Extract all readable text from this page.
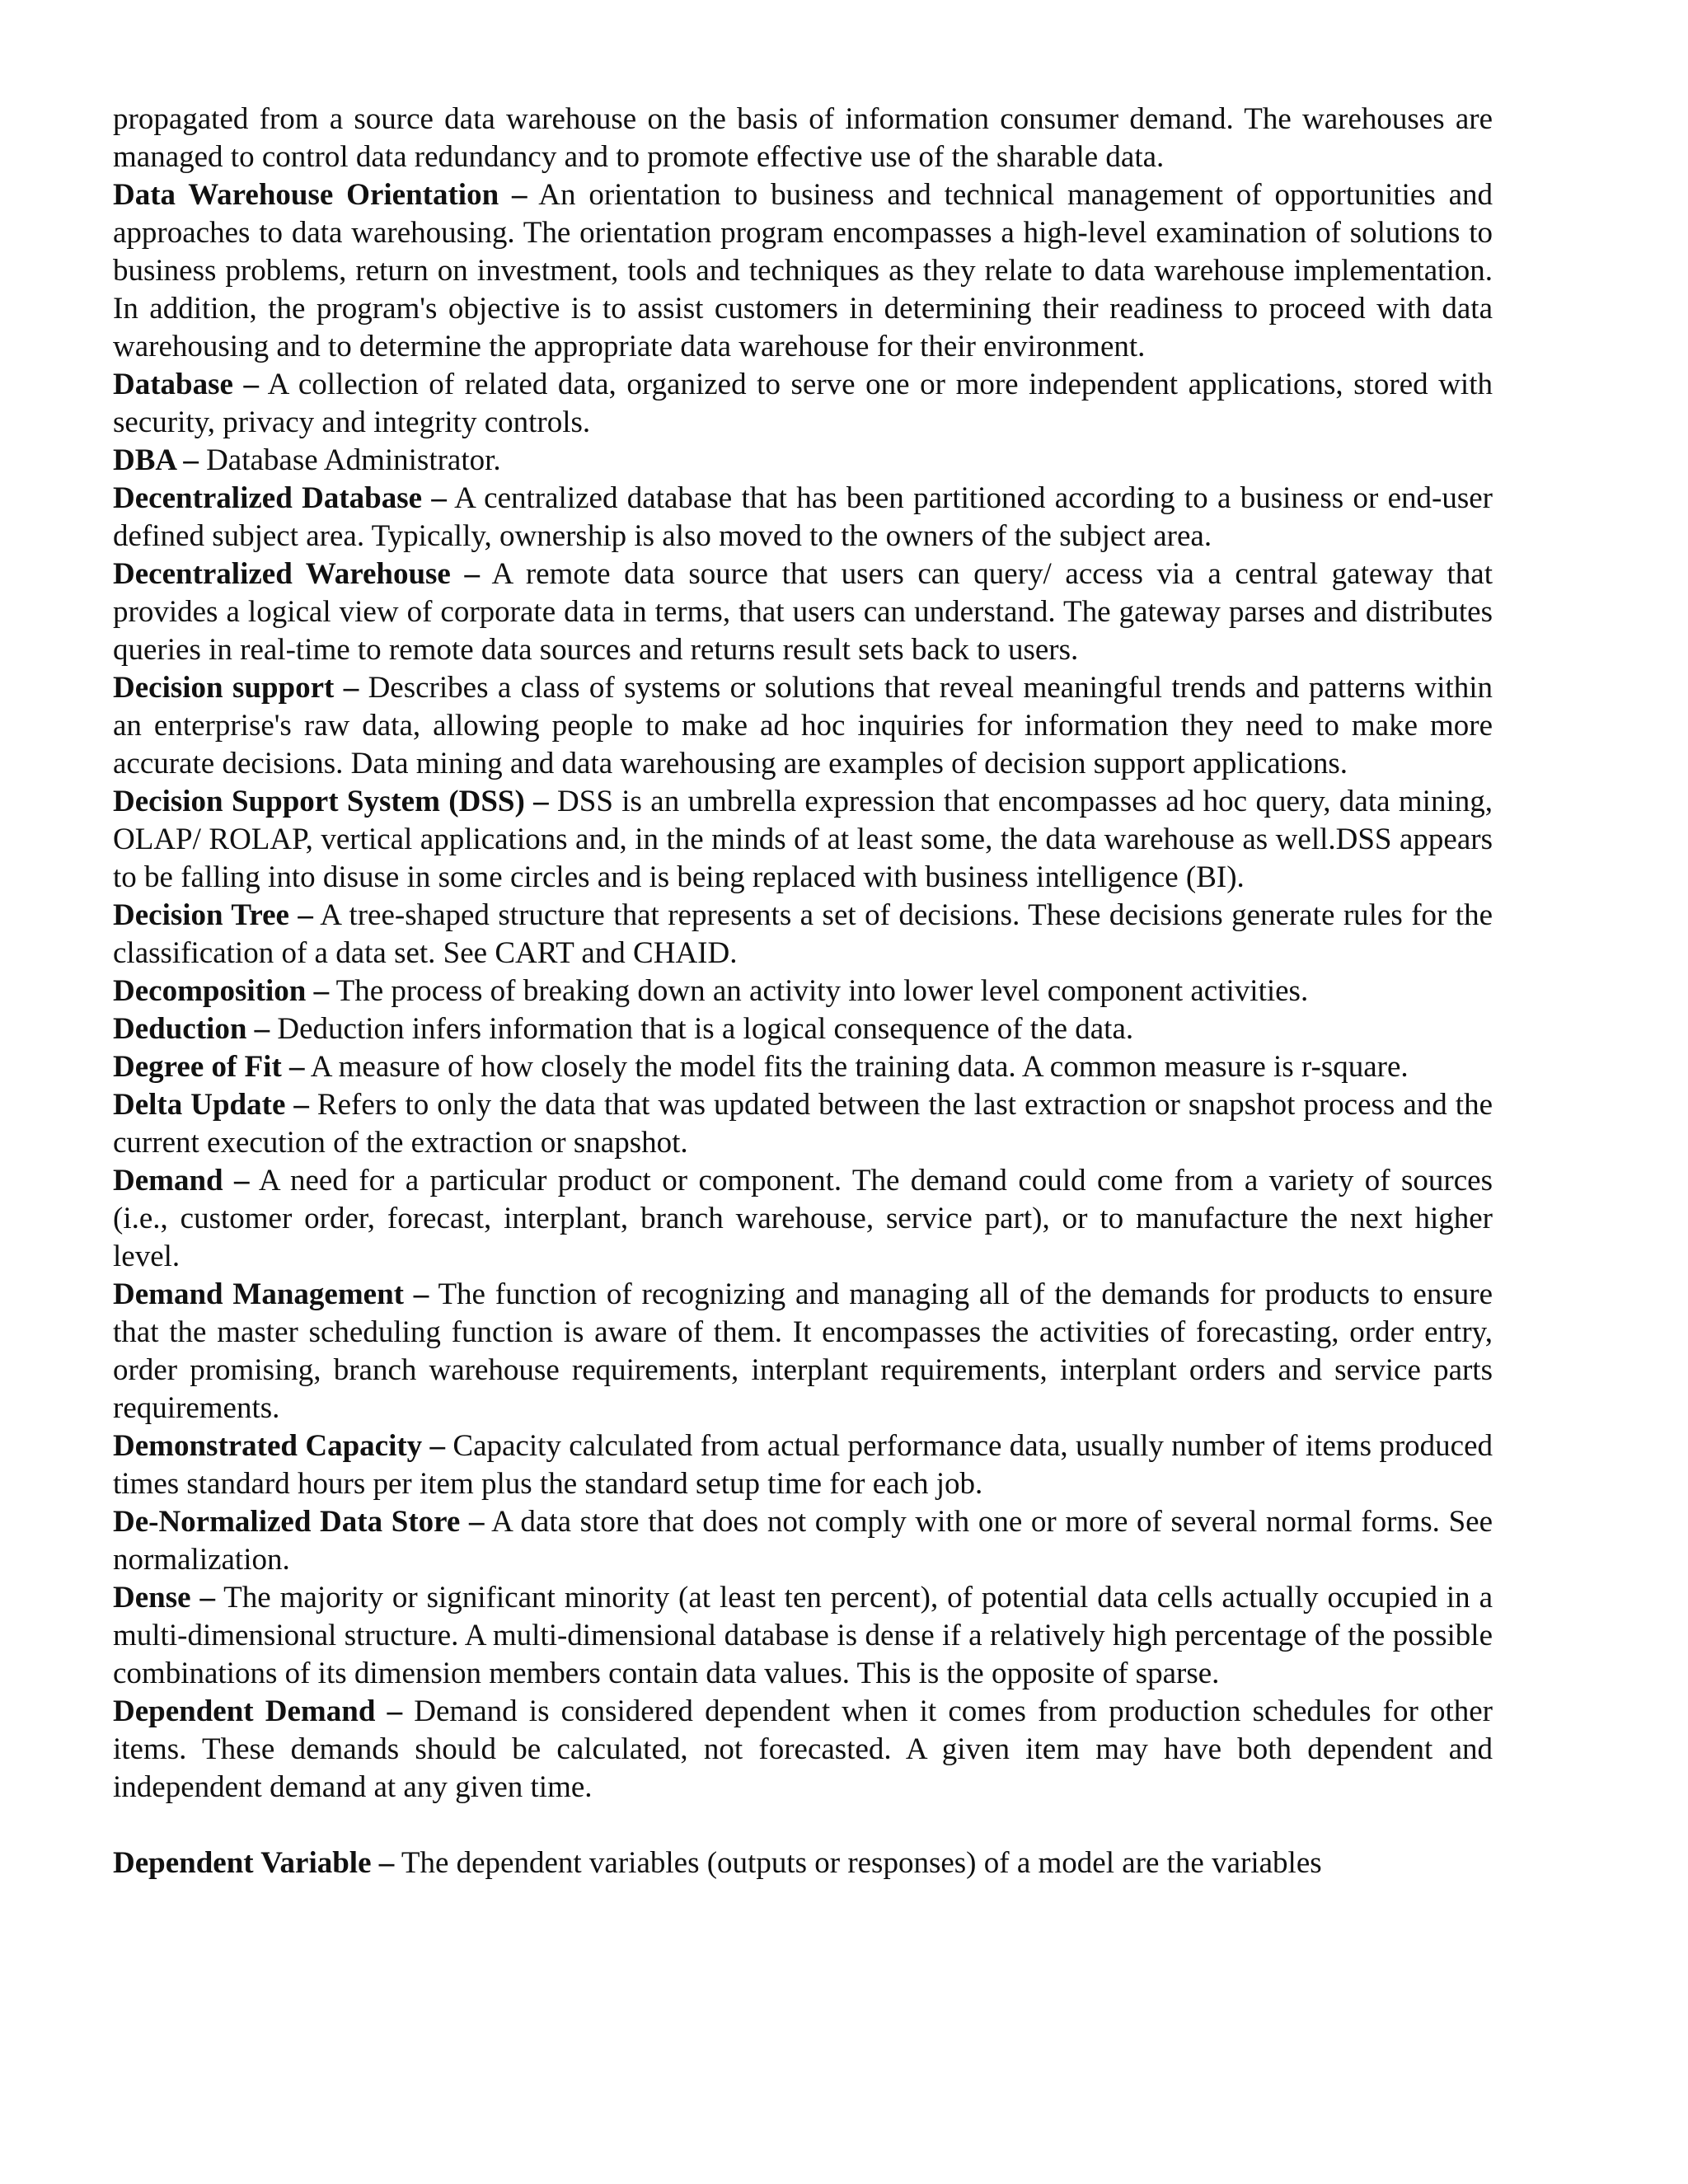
propagated from a source data warehouse on the basis of information consumer demand. The warehouses are managed to control data redundancy and to promote effective use of the sharable data.

Data Warehouse Orientation – An orientation to business and technical management of opportunities and approaches to data warehousing. The orientation program encompasses a high-level examination of solutions to business problems, return on investment, tools and techniques as they relate to data warehouse implementation. In addition, the program's objective is to assist customers in determining their readiness to proceed with data warehousing and to determine the appropriate data warehouse for their environment.

Database – A collection of related data, organized to serve one or more independent applications, stored with security, privacy and integrity controls.

DBA – Database Administrator.

Decentralized Database – A centralized database that has been partitioned according to a business or end-user defined subject area. Typically, ownership is also moved to the owners of the subject area.

Decentralized Warehouse – A remote data source that users can query/ access via a central gateway that provides a logical view of corporate data in terms, that users can understand. The gateway parses and distributes queries in real-time to remote data sources and returns result sets back to users.

Decision support – Describes a class of systems or solutions that reveal meaningful trends and patterns within an enterprise's raw data, allowing people to make ad hoc inquiries for information they need to make more accurate decisions. Data mining and data warehousing are examples of decision support applications.

Decision Support System (DSS) – DSS is an umbrella expression that encompasses ad hoc query, data mining, OLAP/ ROLAP, vertical applications and, in the minds of at least some, the data warehouse as well.DSS appears to be falling into disuse in some circles and is being replaced with business intelligence (BI).

Decision Tree – A tree-shaped structure that represents a set of decisions. These decisions generate rules for the classification of a data set. See CART and CHAID.

Decomposition – The process of breaking down an activity into lower level component activities.

Deduction – Deduction infers information that is a logical consequence of the data.

Degree of Fit – A measure of how closely the model fits the training data. A common measure is r-square.

Delta Update – Refers to only the data that was updated between the last extraction or snapshot process and the current execution of the extraction or snapshot.

Demand – A need for a particular product or component. The demand could come from a variety of sources (i.e., customer order, forecast, interplant, branch warehouse, service part), or to manufacture the next higher level.

Demand Management – The function of recognizing and managing all of the demands for products to ensure that the master scheduling function is aware of them. It encompasses the activities of forecasting, order entry, order promising, branch warehouse requirements, interplant requirements, interplant orders and service parts requirements.

Demonstrated Capacity – Capacity calculated from actual performance data, usually number of items produced times standard hours per item plus the standard setup time for each job.

De-Normalized Data Store – A data store that does not comply with one or more of several normal forms. See normalization.

Dense – The majority or significant minority (at least ten percent), of potential data cells actually occupied in a multi-dimensional structure. A multi-dimensional database is dense if a relatively high percentage of the possible combinations of its dimension members contain data values. This is the opposite of sparse.

Dependent Demand – Demand is considered dependent when it comes from production schedules for other items. These demands should be calculated, not forecasted. A given item may have both dependent and independent demand at any given time.

Dependent Variable – The dependent variables (outputs or responses) of a model are the variables
